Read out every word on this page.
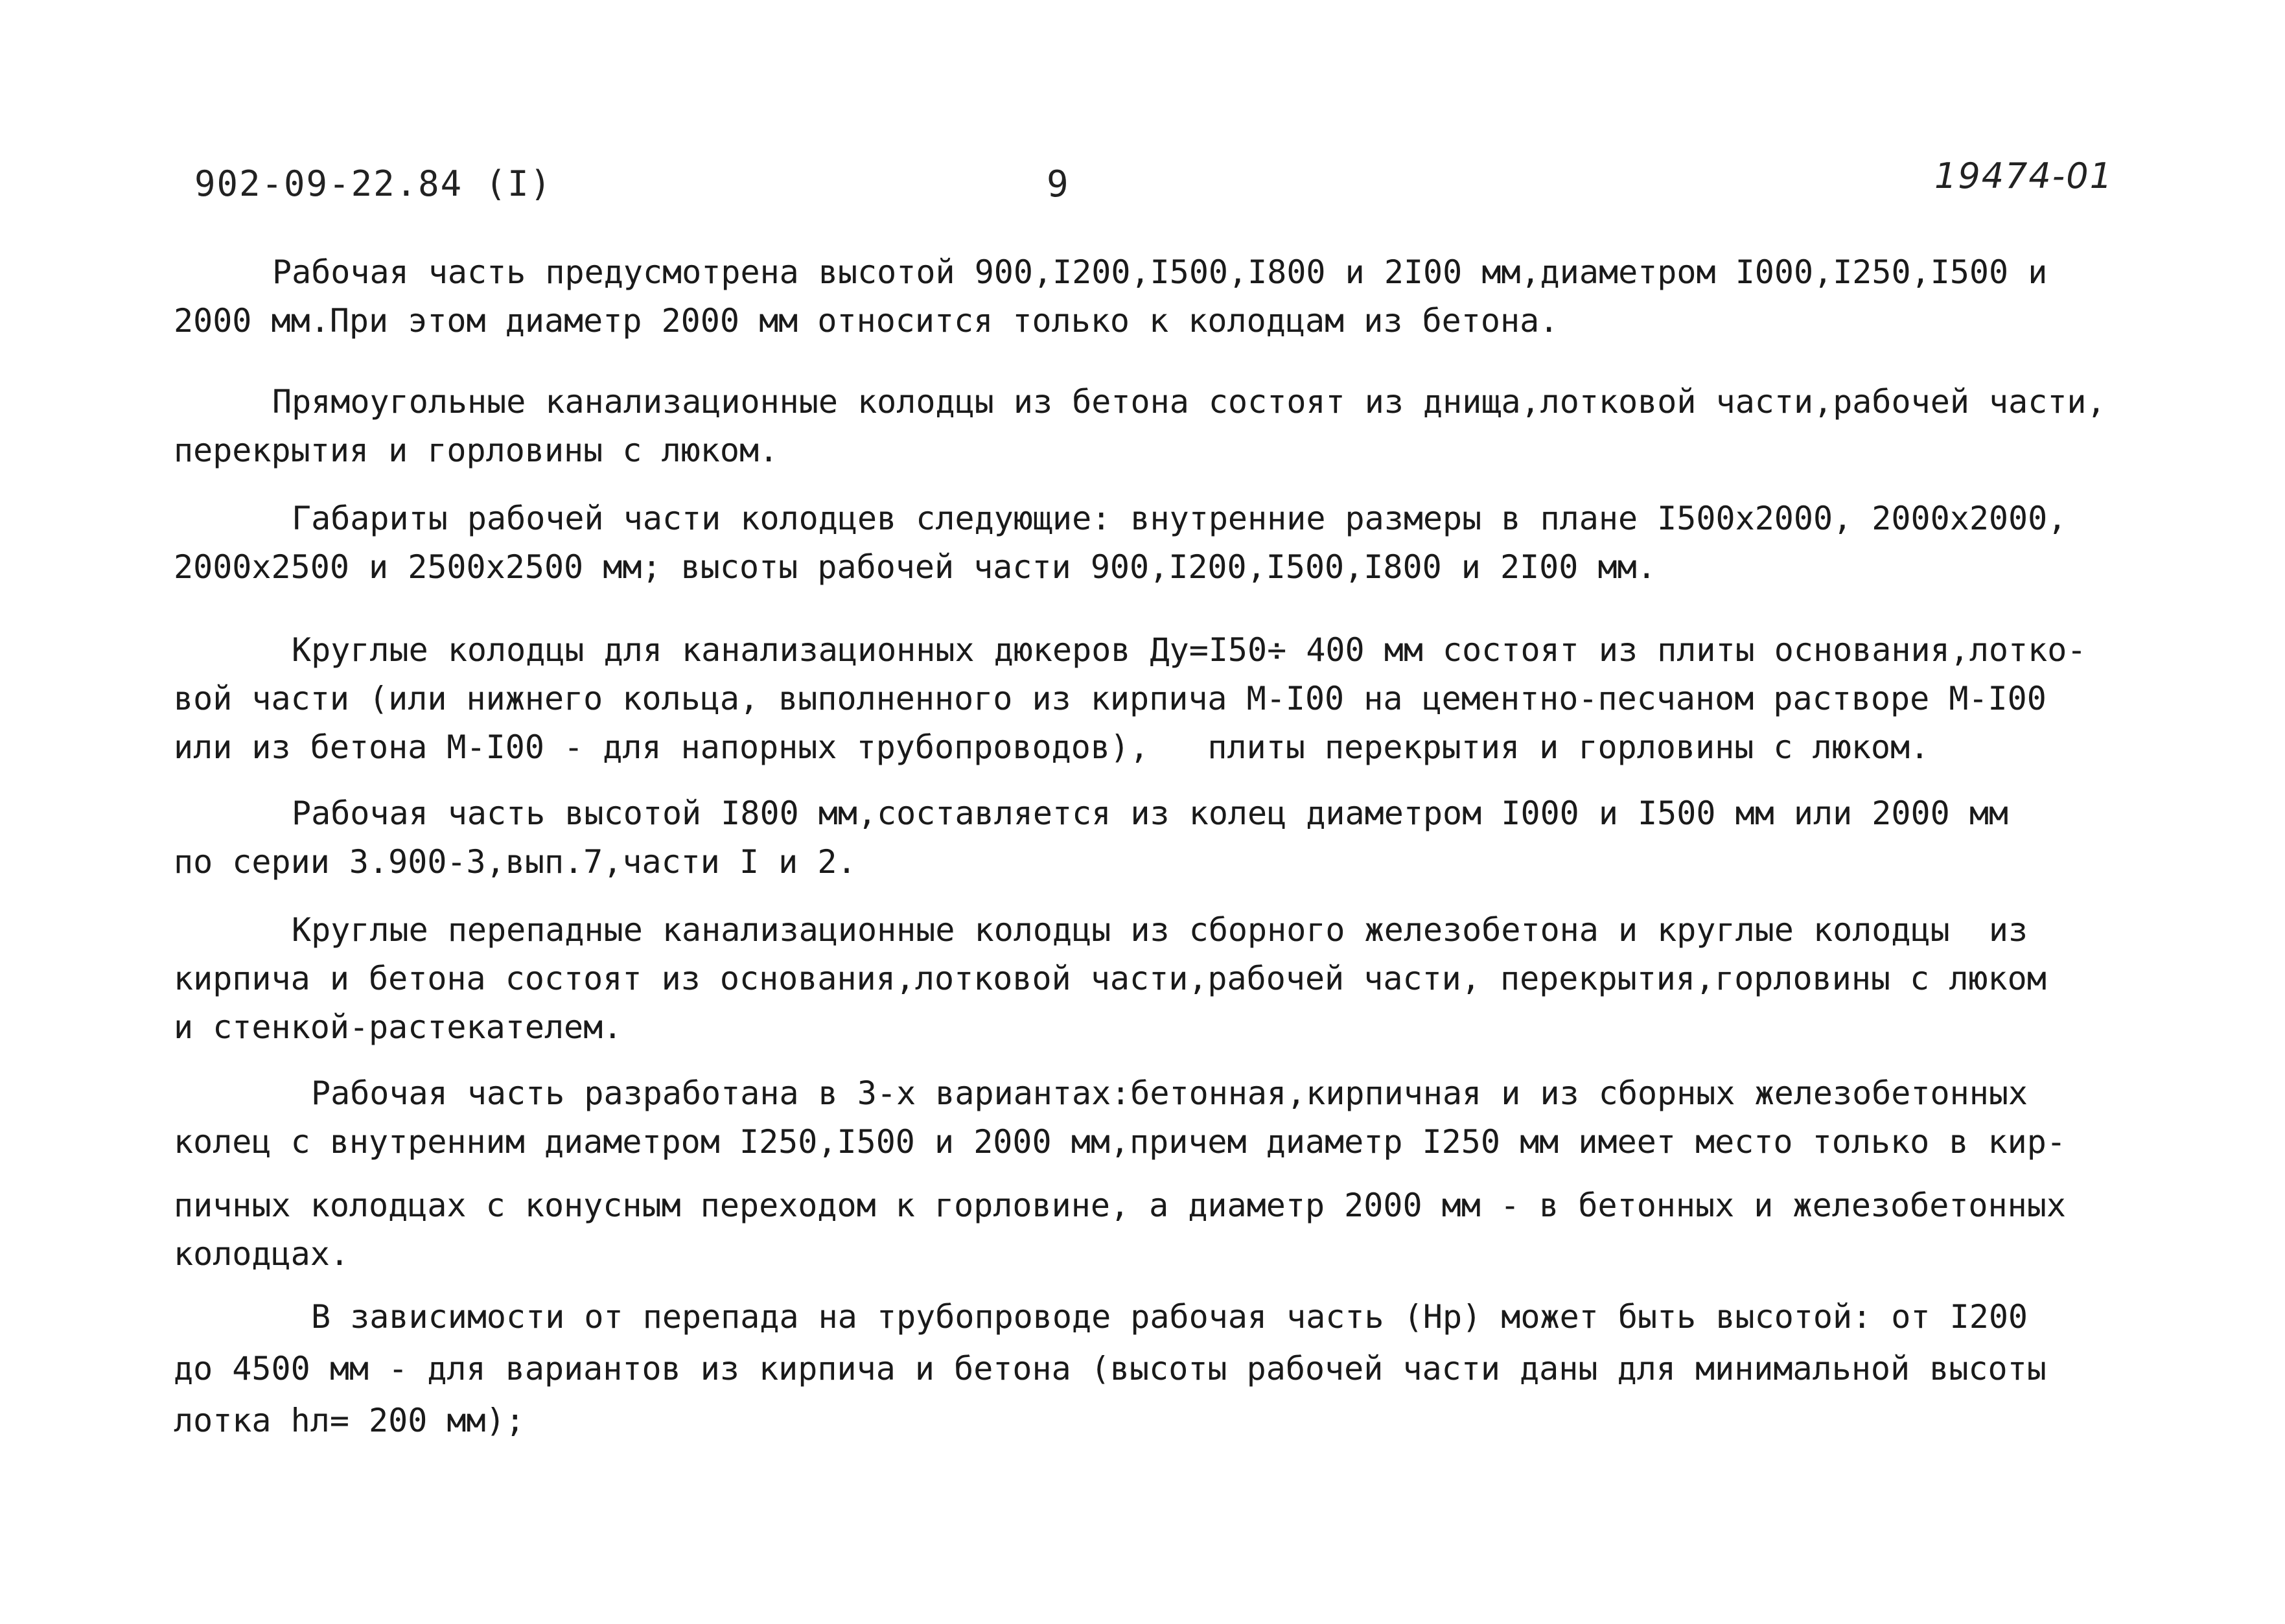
902-09-22.84 (I)	9	19474-01
Рабочая часть предусмотрена высотой 900,I200,I500,I800 и 2I00 мм,диаметром I000,I250,I500 и
2000 мм.При этом диаметр 2000 мм относится только к колодцам из бетона.
Прямоугольные канализационные колодцы из бетона состоят из днища,лотковой части,рабочей части,
перекрытия и горловины с люком.
Габариты рабочей части колодцев следующие: внутренние размеры в плане I500x2000, 2000x2000,
2000x2500 и 2500x2500 мм; высоты рабочей части 900,I200,I500,I800 и 2I00 мм.
Круглые колодцы для канализационных дюкеров Ду=I50÷ 400 мм состоят из плиты основания,лотко-
вой части (или нижнего кольца, выполненного из кирпича М-I00 на цементно-песчаном растворе М-I00
или из бетона М-I00 - для напорных трубопроводов),   плиты перекрытия и горловины с люком.
Рабочая часть высотой I800 мм,составляется из колец диаметром I000 и I500 мм или 2000 мм
по серии 3.900-3,вып.7,части I и 2.
Круглые перепадные канализационные колодцы из сборного железобетона и круглые колодцы  из
кирпича и бетона состоят из основания,лотковой части,рабочей части, перекрытия,горловины с люком
и стенкой-растекателем.
Рабочая часть разработана в 3-х вариантах:бетонная,кирпичная и из сборных железобетонных
колец с внутренним диаметром I250,I500 и 2000 мм,причем диаметр I250 мм имеет место только в кир-
пичных колодцах с конусным переходом к горловине, а диаметр 2000 мм - в бетонных и железобетонных
колодцах.
В зависимости от перепада на трубопроводе рабочая часть (Нр) может быть высотой: от I200
до 4500 мм - для вариантов из кирпича и бетона (высоты рабочей части даны для минимальной высоты
лотка hл= 200 мм);
